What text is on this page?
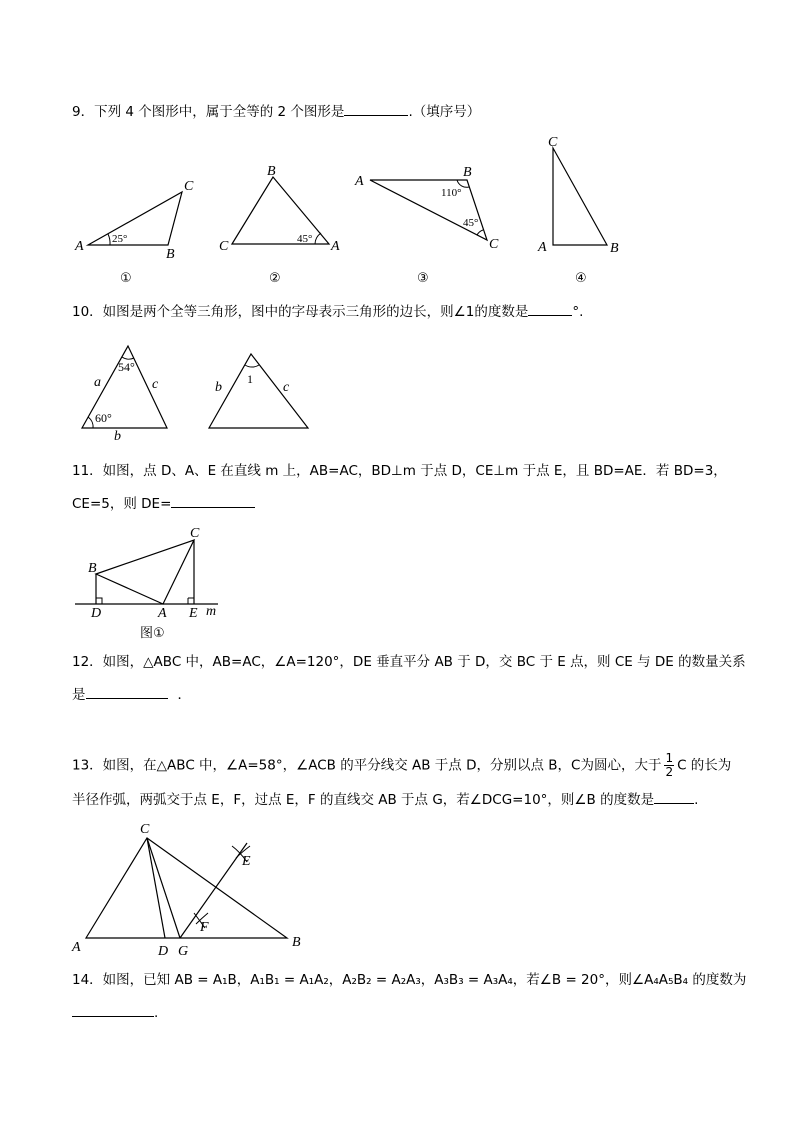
9．下列 4 个图形中，属于全等的 2 个图形是	.（填序号）
A
C
B
25°
①
C
B
A
45°
②
A
B
C
110°
45°
③
C
A	B
④
10．如图是两个全等三角形，图中的字母表示三角形的边长，则∠1的度数是	°.
a	c
b
54°
60°
b	c
1
11．如图，点 D、A、E 在直线 m 上，AB=AC，BD⊥m 于点 D，CE⊥m 于点 E，且 BD=AE．若 BD=3，
CE=5，则 DE=
B
C
D	A E m
图①
12．如图，△ABC 中，AB=AC，∠A=120°，DE 垂直平分 AB 于 D，交 BC 于 E 点，则 CE 与 DE 的数量关系
是	．
13．如图，在△ABC 中，∠A=58°，∠ACB 的平分线交 AB 于点 D，分别以点 B，C为圆心，大于 $\frac{1}{2}$ C 的长为
半径作弧，两弧交于点 E，F，过点 E，F 的直线交 AB 于点 G，若∠DCG=10°，则∠B 的度数是	.
A
C
D G
B
E
F
14．如图，已知 AB = A₁B，A₁B₁ = A₁A₂，A₂B₂ = A₂A₃，A₃B₃ = A₃A₄，若∠B = 20°，则∠A₄A₅B₄ 的度数为
.
